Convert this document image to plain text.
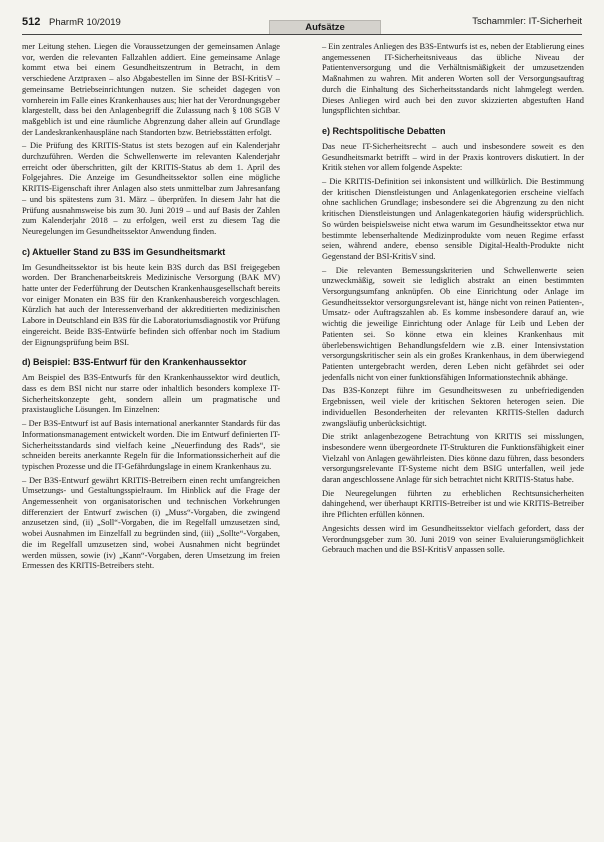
512 PharmR 10/2019	Aufsätze
Tschammler: IT-Sicherheit

mer Leitung stehen. Liegen die Voraussetzungen der gemeinsamen Anlage vor, werden die relevanten Fallzahlen addiert. Eine gemeinsame Anlage kommt etwa bei einem Gesundheitszentrum in Betracht, in dem verschiedene Arztpraxen – also Abgabestellen im Sinne der BSI-KritisV – gemeinsame Betriebseinrichtungen nutzen. Sie scheidet dagegen von vornherein im Falle eines Krankenhauses aus; hier hat der Verordnungsgeber klargestellt, dass bei den Anlagenbegriff die Zulassung nach § 108 SGB V maßgeblich ist und eine räumliche Abgrenzung daher allein auf Grundlage der Landeskrankenhauspläne nach Standorten bzw. Betriebsstätten erfolgt.

– Die Prüfung des KRITIS-Status ist stets bezogen auf ein Kalenderjahr durchzuführen. Werden die Schwellenwerte im relevanten Kalenderjahr erreicht oder überschritten, gilt der KRITIS-Status ab dem 1. April des Folgejahres. Die Anzeige im Gesundheitssektor sollen eine mögliche KRITIS-Eigenschaft ihrer Anlagen also stets unmittelbar zum Jahresanfang – und bis spätestens zum 31. März – überprüfen. In diesem Jahr hat die Prüfung ausnahmsweise bis zum 30. Juni 2019 – und auf Basis der Zahlen zum Kalenderjahr 2018 – zu erfolgen, weil erst zu diesem Tag die Neuregelungen im Gesundheitssektor Anwendung finden.

c) Aktueller Stand zu B3S im Gesundheitsmarkt

Im Gesundheitssektor ist bis heute kein B3S durch das BSI freigegeben worden. Der Branchenarbeitskreis Medizinische Versorgung (BAK MV) hatte unter der Federführung der Deutschen Krankenhausgesellschaft bereits vor einiger Monaten ein B3S für den Krankenhausbereich vorgeschlagen. Kürzlich hat auch der Interessenverband der akkreditierten medizinischen Labore in Deutschland ein B3S für die Laboratoriumsdiagnostik vor Prüfung eingereicht. Beide B3S-Entwürfe befinden sich offenbar noch im Stadium der Eignungsprüfung beim BSI.

d) Beispiel: B3S-Entwurf für den Krankenhaussektor

Am Beispiel des B3S-Entwurfs für den Krankenhaussektor wird deutlich, dass es dem BSI nicht nur starre oder inhaltlich besonders komplexe IT-Sicherheitskonzepte geht, sondern allein um pragmatische und praxistaugliche Lösungen. Im Einzelnen:

– Der B3S-Entwurf ist auf Basis international anerkannter Standards für das Informationsmanagement entwickelt worden. Die im Entwurf definierten IT-Sicherheitsstandards sind vielfach keine „Neuerfindung des Rads“, sie schneiden bereits anerkannte Regeln für die Informationssicherheit auf die typischen Prozesse und die IT-Gefährdungslage in einem Krankenhaus zu.

– Der B3S-Entwurf gewährt KRITIS-Betreibern einen recht umfangreichen Umsetzungs- und Gestaltungsspielraum. Im Hinblick auf die Frage der Angemessenheit von organisatorischen und technischen Vorkehrungen differenziert der Entwurf zwischen (i) „Muss“-Vorgaben, die zwingend anzusetzen sind, (ii) „Soll“-Vorgaben, die im Regelfall umzusetzen sind, wobei Ausnahmen im Einzelfall zu begründen sind, (iii) „Sollte“-Vorgaben, die im Regelfall umzusetzen sind, wobei Ausnahmen nicht begründet werden müssen, sowie (iv) „Kann“-Vorgaben, deren Umsetzung im freien Ermessen des KRITIS-Betreibers steht.

– Ein zentrales Anliegen des B3S-Entwurfs ist es, neben der Etablierung eines angemessenen IT-Sicherheitsniveaus das übliche Niveau der Patientenversorgung und die Verhältnismäßigkeit der umzusetzenden Maßnahmen zu wahren. Mit anderen Worten soll der Versorgungsauftrag durch die Einhaltung des Sicherheitsstandards nicht lahmgelegt werden. Dieses Anliegen wird auch bei den zuvor skizzierten abgestuften Hand lungspflichten sichtbar.

e) Rechtspolitische Debatten

Das neue IT-Sicherheitsrecht – auch und insbesondere soweit es den Gesundheitsmarkt betrifft – wird in der Praxis kontrovers diskutiert. In der Kritik stehen vor allem folgende Aspekte:

– Die KRITIS-Definition sei inkonsistent und willkürlich. Die Bestimmung der kritischen Dienstleistungen und Anlagenkategorien erscheine vielfach ohne sachlichen Grundlage; insbesondere sei die Abgrenzung zu den nicht kritischen Dienstleistungen und Anlagenkategorien häufig widersprüchlich. So würden beispielsweise nicht etwa warum im Gesundheitssektor etwa nur bestimmte lebenserhaltende Medizinprodukte vom neuen Regime erfasst seien, während andere, ebenso sensible Digital-Health-Produkte nicht Gegenstand der BSI-KritisV sind.

– Die relevanten Bemessungskriterien und Schwellenwerte seien unzweckmäßig, soweit sie lediglich abstrakt an einen bestimmten Versorgungsumfang anknüpfen. Ob eine Einrichtung oder Anlage im Gesundheitssektor versorgungsrelevant ist, hänge nicht von reinen Patienten-, Umsatz- oder Auftragszahlen ab. Es komme insbesondere darauf an, wie wichtig die jeweilige Einrichtung oder Anlage für Leib und Leben der Patienten sei. So könne etwa ein kleines Krankenhaus mit überlebenswichtigen Behandlungsfeldern wie z.B. einer Intensivstation versorgungskritischer sein als ein großes Krankenhaus, in dem überwiegend Patienten untergebracht werden, deren Leben nicht gefährdet sei oder jedenfalls nicht von einer funktionsfähigen Informationstechnik abhänge.

Das B3S-Konzept führe im Gesundheitswesen zu unbefriedigenden Ergebnissen, weil viele der kritischen Sektoren heterogen seien. Die individuellen Besonderheiten der relevanten KRITIS-Stellen dadurch zwangsläufig unberücksichtigt.

Die strikt anlagenbezogene Betrachtung von KRITIS sei misslungen, insbesondere wenn übergeordnete IT-Strukturen die Funktionsfähigkeit einer Vielzahl von Anlagen gewährleisten. Dies könne dazu führen, dass besonders versorgungsrelevante IT-Systeme nicht dem BSIG unterfallen, weil jede daran angeschlossene Anlage für sich betrachtet nicht KRITIS-Status habe.

Die Neuregelungen führten zu erheblichen Rechtsunsicherheiten dahingehend, wer überhaupt KRITIS-Betreiber ist und wie KRITIS-Betreiber ihre Pflichten erfüllen können.

Angesichts dessen wird im Gesundheitssektor vielfach gefordert, dass der Verordnungsgeber zum 30. Juni 2019 von seiner Evaluierungsmöglichkeit Gebrauch machen und die BSI-KritisV anpassen solle.
